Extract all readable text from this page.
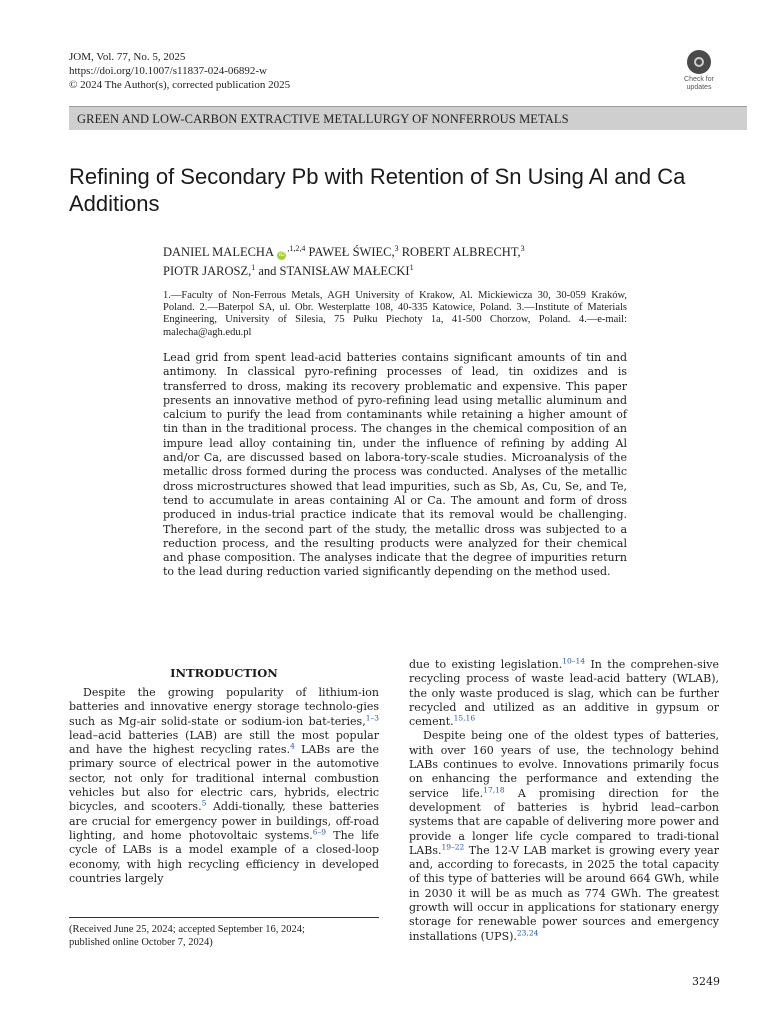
JOM, Vol. 77, No. 5, 2025
https://doi.org/10.1007/s11837-024-06892-w
© 2024 The Author(s), corrected publication 2025	Check for
updates
GREEN AND LOW-CARBON EXTRACTIVE METALLURGY OF NONFERROUS METALS
Refining of Secondary Pb with Retention of Sn Using Al and Ca
Additions
DANIEL MALECHA $iD^{,1,2,4}$ PAWEŁ ŚWIEC,$^3$ ROBERT ALBRECHT,$^3$
PIOTR JAROSZ,$^1$ and STANISŁAW MAŁECKI$^1$
1.—Faculty of Non-Ferrous Metals, AGH University of Krakow, Al. Mickiewicza 30, 30-059 Kraków, Poland. 2.—Baterpol SA, ul. Obr. Westerplatte 108, 40-335 Katowice, Poland. 3.—Institute of Materials Engineering, University of Silesia, 75 Pułku Piechoty 1a, 41-500 Chorzow, Poland. 4.—e-mail: malecha@agh.edu.pl
Lead grid from spent lead-acid batteries contains significant amounts of tin and antimony. In classical pyro-refining processes of lead, tin oxidizes and is transferred to dross, making its recovery problematic and expensive. This paper presents an innovative method of pyro-refining lead using metallic aluminum and calcium to purify the lead from contaminants while retaining a higher amount of tin than in the traditional process. The changes in the chemical composition of an impure lead alloy containing tin, under the influence of refining by adding Al and/or Ca, are discussed based on labora-tory-scale studies. Microanalysis of the metallic dross formed during the process was conducted. Analyses of the metallic dross microstructures showed that lead impurities, such as Sb, As, Cu, Se, and Te, tend to accumulate in areas containing Al or Ca. The amount and form of dross produced in indus-trial practice indicate that its removal would be challenging. Therefore, in the second part of the study, the metallic dross was subjected to a reduction process, and the resulting products were analyzed for their chemical and phase composition. The analyses indicate that the degree of impurities return to the lead during reduction varied significantly depending on the method used.
INTRODUCTION

Despite the growing popularity of lithium-ion batteries and innovative energy storage technolo-gies such as Mg-air solid-state or sodium-ion bat-teries,$^{1-3}$ lead–acid batteries (LAB) are still the most popular and have the highest recycling rates.$^4$ LABs are the primary source of electrical power in the automotive sector, not only for traditional internal combustion vehicles but also for electric cars, hybrids, electric bicycles, and scooters.$^5$ Addi-tionally, these batteries are crucial for emergency power in buildings, off-road lighting, and home photovoltaic systems.$^{6-9}$ The life cycle of LABs is a model example of a closed-loop economy, with high recycling efficiency in developed countries largely

due to existing legislation.$^{10-14}$ In the comprehen-sive recycling process of waste lead-acid battery (WLAB), the only waste produced is slag, which can be further recycled and utilized as an additive in gypsum or cement.$^{15,16}$

Despite being one of the oldest types of batteries, with over 160 years of use, the technology behind LABs continues to evolve. Innovations primarily focus on enhancing the performance and extending the service life.$^{17,18}$ A promising direction for the development of batteries is hybrid lead–carbon systems that are capable of delivering more power and provide a longer life cycle compared to tradi-tional LABs.$^{19-22}$ The 12-V LAB market is growing every year and, according to forecasts, in 2025 the total capacity of this type of batteries will be around 664 GWh, while in 2030 it will be as much as 774 GWh. The greatest growth will occur in applications for stationary energy storage for renewable power sources and emergency installations (UPS).$^{23,24}$

(Received June 25, 2024; accepted September 16, 2024;
published online October 7, 2024)
3249
